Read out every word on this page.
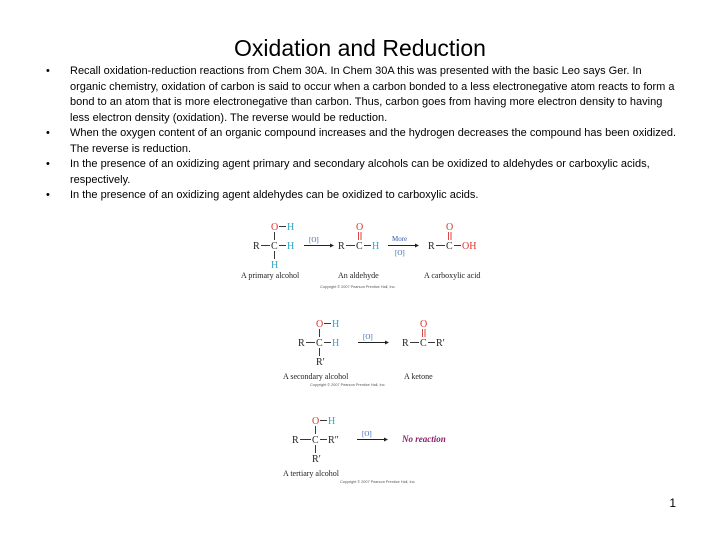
Oxidation and Reduction
• Recall oxidation-reduction reactions from Chem 30A. In Chem 30A this was presented with the basic Leo says Ger. In organic chemistry, oxidation of carbon is said to occur when a carbon bonded to a less electronegative atom reacts to form a bond to an atom that is more electronegative than carbon. Thus, carbon goes from having more electron density to having less electron density (oxidation). The reverse would be reduction.
• When the oxygen content of an organic compound increases and the hydrogen decreases the compound has been oxidized. The reverse is reduction.
• In the presence of an oxidizing agent primary and secondary alcohols can be oxidized to aldehydes or carboxylic acids, respectively.
• In the presence of an oxidizing agent aldehydes can be oxidized to carboxylic acids.
O H
R C H
H
A primary alcohol
[O]
O
R C H
An aldehyde
More
[O]
O
R C OH
A carboxylic acid
Copyright © 2007 Pearson Prentice Hall, Inc.
O H
R C H
R′
A secondary alcohol
Copyright © 2007 Pearson Prentice Hall, Inc.
[O]
O
R C R′
A ketone
O H
R C R″
R′
A tertiary alcohol
Copyright © 2007 Pearson Prentice Hall, Inc.
[O]	No reaction
1
